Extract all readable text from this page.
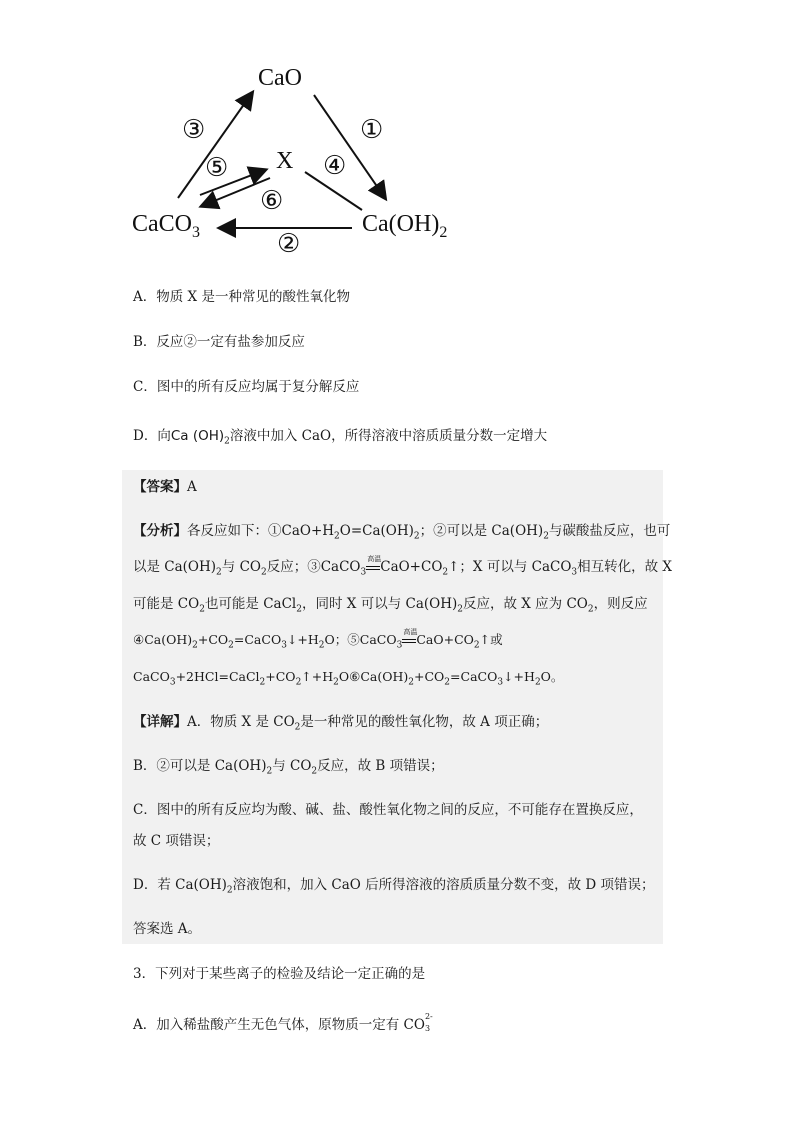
CaO
X
CaCO$_3$	$Ca(OH)_2$
①
②
③
④
⑤
⑥
A．物质 X 是一种常见的酸性氧化物
B．反应②一定有盐参加反应
C．图中的所有反应均属于复分解反应
D．向Ca $(OH)_2$溶液中加入 CaO，所得溶液中溶质质量分数一定增大
【答案】A
【分析】各反应如下：$①CaO+H_2O=Ca(OH)_2$；②可以是 $Ca(OH)_2$与碳酸盐反应，也可
以是 $Ca(OH)_2$与 $CO_2$反应；③CaCO$_3$
高温 $CaO+CO_2↑$；X 可以与 CaCO$_3$相互转化，故 X
可能是 $CO_2$也可能是 CaCl$_2$，同时 X 可以与 $Ca(OH)_2$反应，故 X 应为 $CO_2$，则反应
$④Ca(OH)_2+CO_2=CaCO_3↓+H_2O$；⑤CaCO$_3$
高温 $CaO+CO_2↑$或
$CaCO_3+2HCl=CaCl_2+CO_2↑+H_2O⑥Ca(OH)_2+CO_2=CaCO_3↓+H_2O$。
【详解】A．物质 X 是 $CO_2$是一种常见的酸性氧化物，故 A 项正确；
B．②可以是 $Ca(OH)_2$与 $CO_2$反应，故 B 项错误；
C．图中的所有反应均为酸、碱、盐、酸性氧化物之间的反应，不可能存在置换反应，
故 C 项错误；
D．若 $Ca(OH)_2$溶液饱和，加入 CaO 后所得溶液的溶质质量分数不变，故 D 项错误；
答案选 A。
3．下列对于某些离子的检验及结论一定正确的是
A．加入稀盐酸产生无色气体，原物质一定有 CO
2-
3
